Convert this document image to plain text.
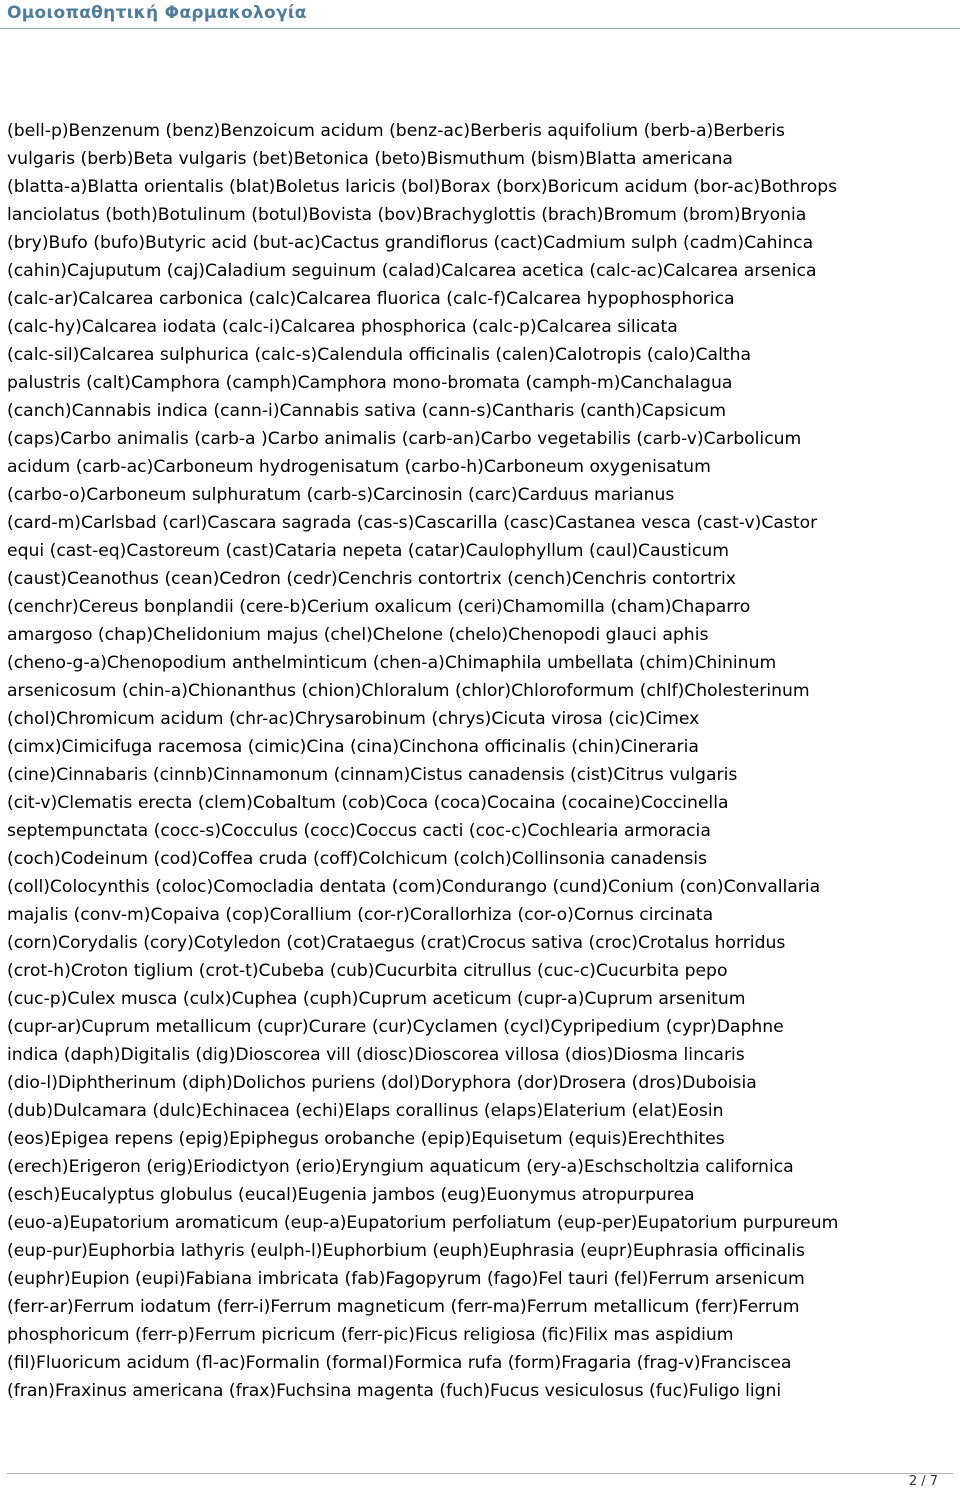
Ομοιοπαθητική Φαρμακολογία

(bell-p)Benzenum (benz)Benzoicum acidum (benz-ac)Berberis aquifolium (berb-a)Berberis
vulgaris (berb)Beta vulgaris (bet)Betonica (beto)Bismuthum (bism)Blatta americana
(blatta-a)Blatta orientalis (blat)Boletus laricis (bol)Borax (borx)Boricum acidum (bor-ac)Bothrops
lanciolatus (both)Botulinum (botul)Bovista (bov)Brachyglottis (brach)Bromum (brom)Bryonia
(bry)Bufo (bufo)Butyric acid (but-ac)Cactus grandiflorus (cact)Cadmium sulph (cadm)Cahinca
(cahin)Cajuputum (caj)Caladium seguinum (calad)Calcarea acetica (calc-ac)Calcarea arsenica
(calc-ar)Calcarea carbonica (calc)Calcarea fluorica (calc-f)Calcarea hypophosphorica
(calc-hy)Calcarea iodata (calc-i)Calcarea phosphorica (calc-p)Calcarea silicata
(calc-sil)Calcarea sulphurica (calc-s)Calendula officinalis (calen)Calotropis (calo)Caltha
palustris (calt)Camphora (camph)Camphora mono-bromata (camph-m)Canchalagua
(canch)Cannabis indica (cann-i)Cannabis sativa (cann-s)Cantharis (canth)Capsicum
(caps)Carbo animalis (carb-a )Carbo animalis (carb-an)Carbo vegetabilis (carb-v)Carbolicum
acidum (carb-ac)Carboneum hydrogenisatum (carbo-h)Carboneum oxygenisatum
(carbo-o)Carboneum sulphuratum (carb-s)Carcinosin (carc)Carduus marianus
(card-m)Carlsbad (carl)Cascara sagrada (cas-s)Cascarilla (casc)Castanea vesca (cast-v)Castor
equi (cast-eq)Castoreum (cast)Cataria nepeta (catar)Caulophyllum (caul)Causticum
(caust)Ceanothus (cean)Cedron (cedr)Cenchris contortrix (cench)Cenchris contortrix
(cenchr)Cereus bonplandii (cere-b)Cerium oxalicum (ceri)Chamomilla (cham)Chaparro
amargoso (chap)Chelidonium majus (chel)Chelone (chelo)Chenopodi glauci aphis
(cheno-g-a)Chenopodium anthelminticum (chen-a)Chimaphila umbellata (chim)Chininum
arsenicosum (chin-a)Chionanthus (chion)Chloralum (chlor)Chloroformum (chlf)Cholesterinum
(chol)Chromicum acidum (chr-ac)Chrysarobinum (chrys)Cicuta virosa (cic)Cimex
(cimx)Cimicifuga racemosa (cimic)Cina (cina)Cinchona officinalis (chin)Cineraria
(cine)Cinnabaris (cinnb)Cinnamonum (cinnam)Cistus canadensis (cist)Citrus vulgaris
(cit-v)Clematis erecta (clem)Cobaltum (cob)Coca (coca)Cocaina (cocaine)Coccinella
septempunctata (cocc-s)Cocculus (cocc)Coccus cacti (coc-c)Cochlearia armoracia
(coch)Codeinum (cod)Coffea cruda (coff)Colchicum (colch)Collinsonia canadensis
(coll)Colocynthis (coloc)Comocladia dentata (com)Condurango (cund)Conium (con)Convallaria
majalis (conv-m)Copaiva (cop)Corallium (cor-r)Corallorhiza (cor-o)Cornus circinata
(corn)Corydalis (cory)Cotyledon (cot)Crataegus (crat)Crocus sativa (croc)Crotalus horridus
(crot-h)Croton tiglium (crot-t)Cubeba (cub)Cucurbita citrullus (cuc-c)Cucurbita pepo
(cuc-p)Culex musca (culx)Cuphea (cuph)Cuprum aceticum (cupr-a)Cuprum arsenitum
(cupr-ar)Cuprum metallicum (cupr)Curare (cur)Cyclamen (cycl)Cypripedium (cypr)Daphne
indica (daph)Digitalis (dig)Dioscorea vill (diosc)Dioscorea villosa (dios)Diosma lincaris
(dio-l)Diphtherinum (diph)Dolichos puriens (dol)Doryphora (dor)Drosera (dros)Duboisia
(dub)Dulcamara (dulc)Echinacea (echi)Elaps corallinus (elaps)Elaterium (elat)Eosin
(eos)Epigea repens (epig)Epiphegus orobanche (epip)Equisetum (equis)Erechthites
(erech)Erigeron (erig)Eriodictyon (erio)Eryngium aquaticum (ery-a)Eschscholtzia californica
(esch)Eucalyptus globulus (eucal)Eugenia jambos (eug)Euonymus atropurpurea
(euo-a)Eupatorium aromaticum (eup-a)Eupatorium perfoliatum (eup-per)Eupatorium purpureum
(eup-pur)Euphorbia lathyris (eulph-l)Euphorbium (euph)Euphrasia (eupr)Euphrasia officinalis
(euphr)Eupion (eupi)Fabiana imbricata (fab)Fagopyrum (fago)Fel tauri (fel)Ferrum arsenicum
(ferr-ar)Ferrum iodatum (ferr-i)Ferrum magneticum (ferr-ma)Ferrum metallicum (ferr)Ferrum
phosphoricum (ferr-p)Ferrum picricum (ferr-pic)Ficus religiosa (fic)Filix mas aspidium
(fil)Fluoricum acidum (fl-ac)Formalin (formal)Formica rufa (form)Fragaria (frag-v)Franciscea
(fran)Fraxinus americana (frax)Fuchsina magenta (fuch)Fucus vesiculosus (fuc)Fuligo ligni

2 / 7
